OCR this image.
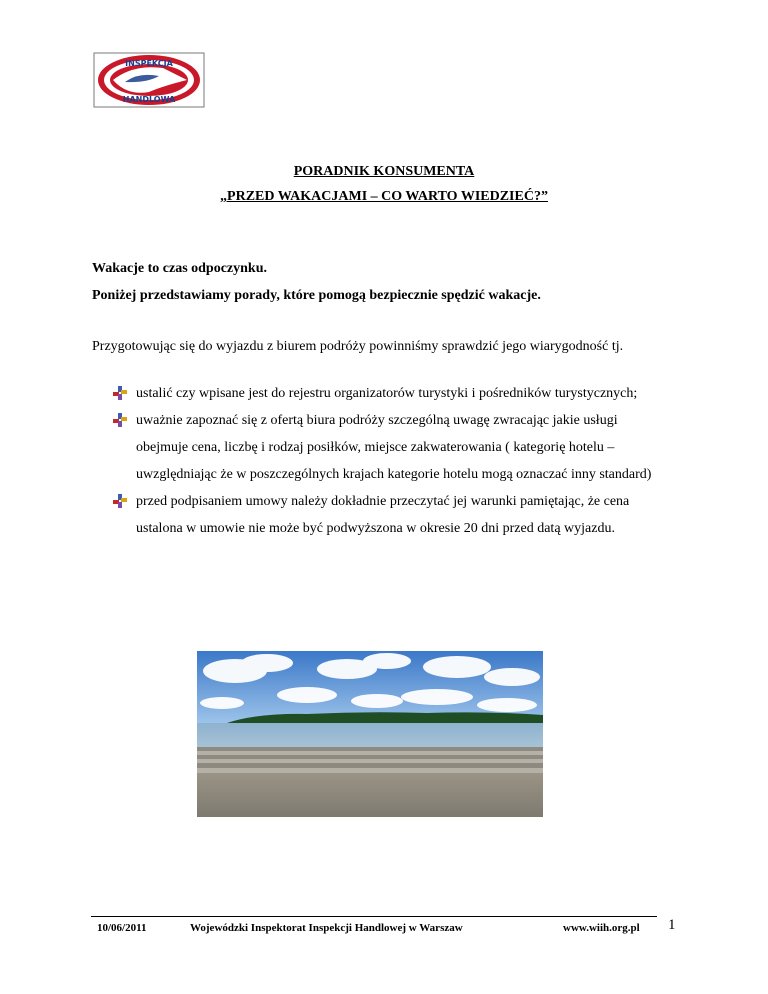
INSPEKCJA
HANDLOWA
PORADNIK KONSUMENTA
„PRZED WAKACJAMI – CO WARTO WIEDZIEĆ?”
Wakacje to czas odpoczynku.
Poniżej przedstawiamy porady, które pomogą bezpiecznie spędzić wakacje.
Przygotowując się do wyjazdu z biurem podróży powinniśmy sprawdzić jego wiarygodność tj.
ustalić czy wpisane jest do rejestru organizatorów turystyki i pośredników turystycznych;
uważnie zapoznać się z ofertą biura podróży szczególną uwagę zwracając jakie usługi obejmuje cena, liczbę i rodzaj posiłków, miejsce zakwaterowania ( kategorię hotelu – uwzględniając że w poszczególnych krajach kategorie hotelu mogą oznaczać inny standard)
przed podpisaniem umowy należy dokładnie przeczytać jej warunki pamiętając, że cena ustalona w umowie nie może być podwyższona w okresie 20 dni przed datą wyjazdu.
10/06/2011	Wojewódzki Inspektorat Inspekcji Handlowej w Warszaw	www.wiih.org.pl 1
